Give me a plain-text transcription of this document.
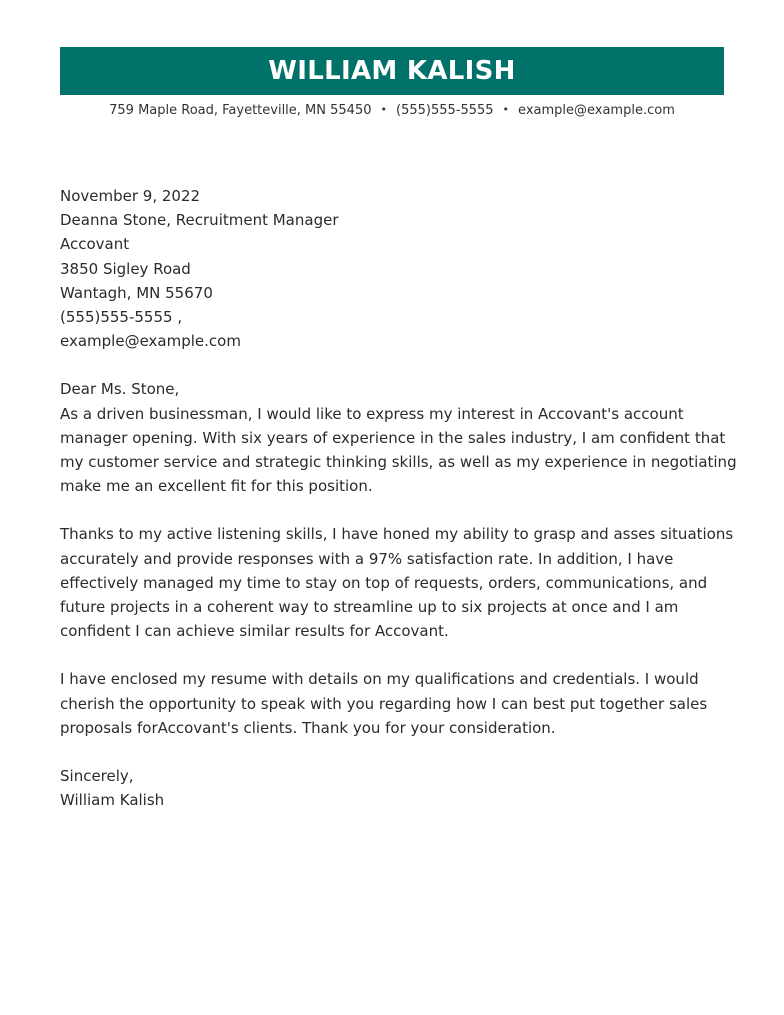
WILLIAM KALISH
759 Maple Road, Fayetteville, MN 55450 • (555)555-5555 • example@example.com

November 9, 2022

Deanna Stone, Recruitment Manager
Accovant
3850 Sigley Road
Wantagh, MN 55670
(555)555-5555 ,
example@example.com

Dear Ms. Stone,

As a driven businessman, I would like to express my interest in Accovant's account
manager opening. With six years of experience in the sales industry, I am confident that
my customer service and strategic thinking skills, as well as my experience in negotiating
make me an excellent fit for this position.
Thanks to my active listening skills, I have honed my ability to grasp and asses situations
accurately and provide responses with a 97% satisfaction rate. In addition, I have
effectively managed my time to stay on top of requests, orders, communications, and
future projects in a coherent way to streamline up to six projects at once and I am
confident I can achieve similar results for Accovant.
I have enclosed my resume with details on my qualifications and credentials. I would
cherish the opportunity to speak with you regarding how I can best put together sales
proposals forAccovant's clients. Thank you for your consideration.
Sincerely,
William Kalish
